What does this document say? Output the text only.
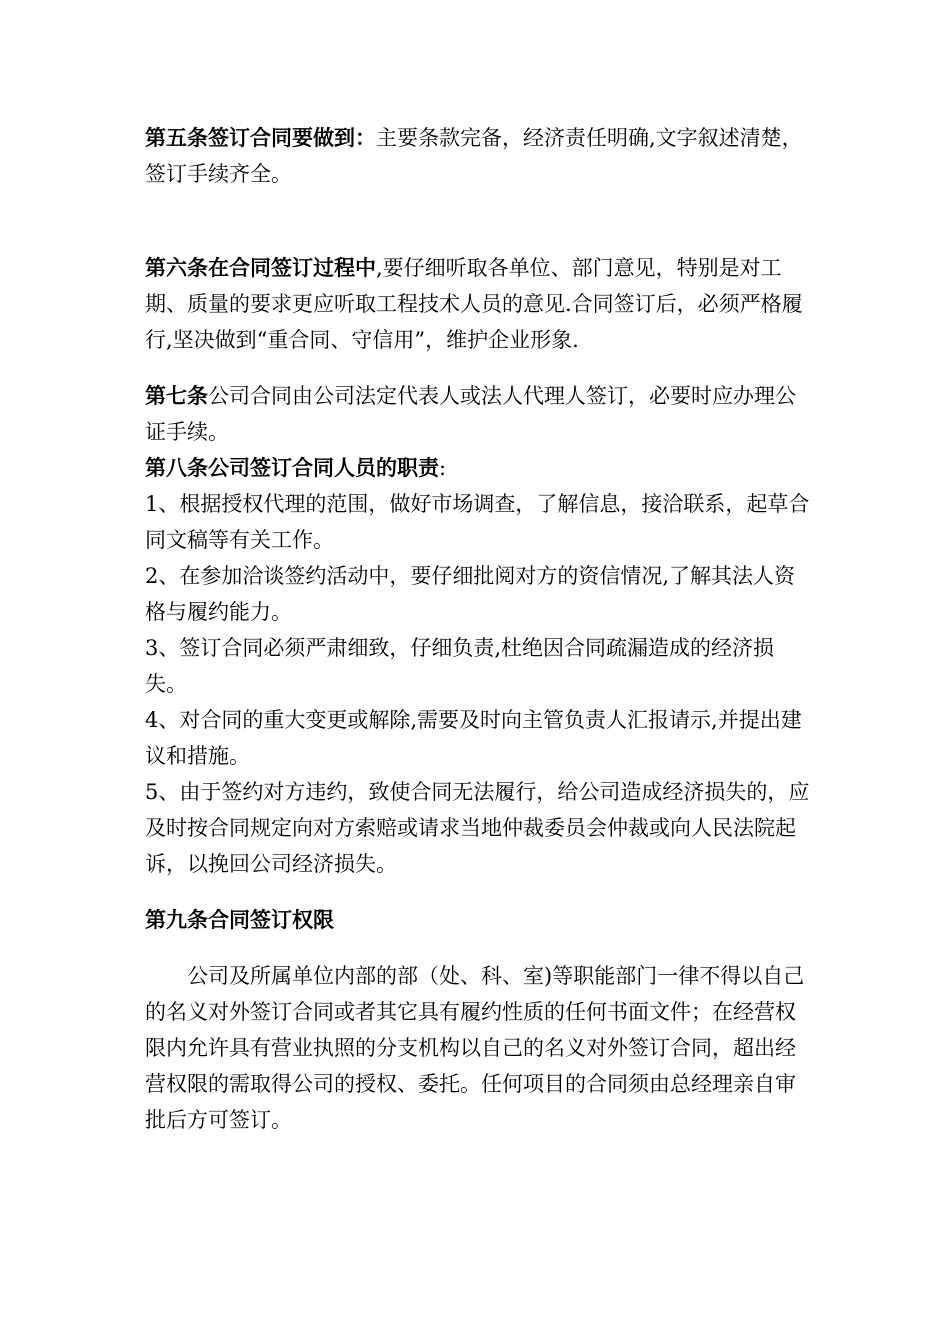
第五条签订合同要做到：主要条款完备，经济责任明确,文字叙述清楚，签订手续齐全。

第六条在合同签订过程中,要仔细听取各单位、部门意见，特别是对工期、质量的要求更应听取工程技术人员的意见.合同签订后，必须严格履行,坚决做到“重合同、守信用”，维护企业形象.

第七条公司合同由公司法定代表人或法人代理人签订，必要时应办理公证手续。

第八条公司签订合同人员的职责:

1、根据授权代理的范围，做好市场调查，了解信息，接洽联系，起草合同文稿等有关工作。

2、在参加洽谈签约活动中，要仔细批阅对方的资信情况,了解其法人资格与履约能力。

3、签订合同必须严肃细致，仔细负责,杜绝因合同疏漏造成的经济损失。

4、对合同的重大变更或解除,需要及时向主管负责人汇报请示,并提出建议和措施。

5、由于签约对方违约，致使合同无法履行，给公司造成经济损失的，应及时按合同规定向对方索赔或请求当地仲裁委员会仲裁或向人民法院起诉，以挽回公司经济损失。

第九条合同签订权限

公司及所属单位内部的部（处、科、室)等职能部门一律不得以自己的名义对外签订合同或者其它具有履约性质的任何书面文件；在经营权限内允许具有营业执照的分支机构以自己的名义对外签订合同，超出经营权限的需取得公司的授权、委托。任何项目的合同须由总经理亲自审批后方可签订。
